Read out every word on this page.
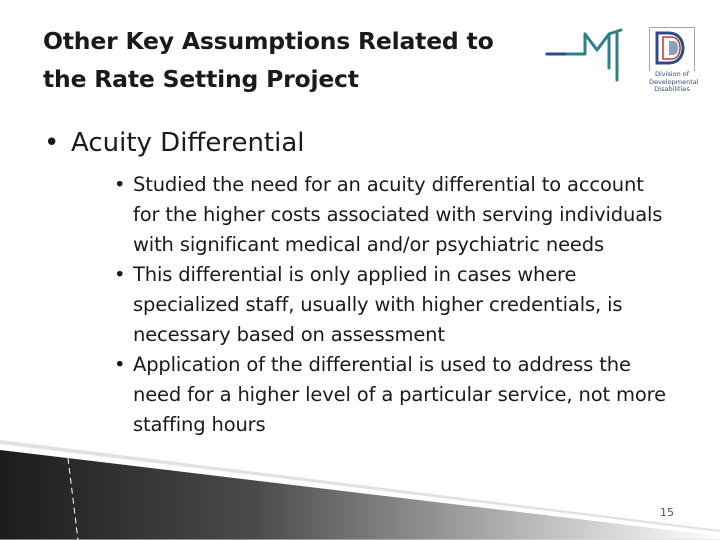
Other Key Assumptions Related to
the Rate Setting Project	Division of
Developmental
Disabilities
• Acuity Differential
• Studied the need for an acuity differential to account
for the higher costs associated with serving individuals
with significant medical and/or psychiatric needs
• This differential is only applied in cases where
specialized staff, usually with higher credentials, is
necessary based on assessment
• Application of the differential is used to address the
need for a higher level of a particular service, not more
staffing hours
15
